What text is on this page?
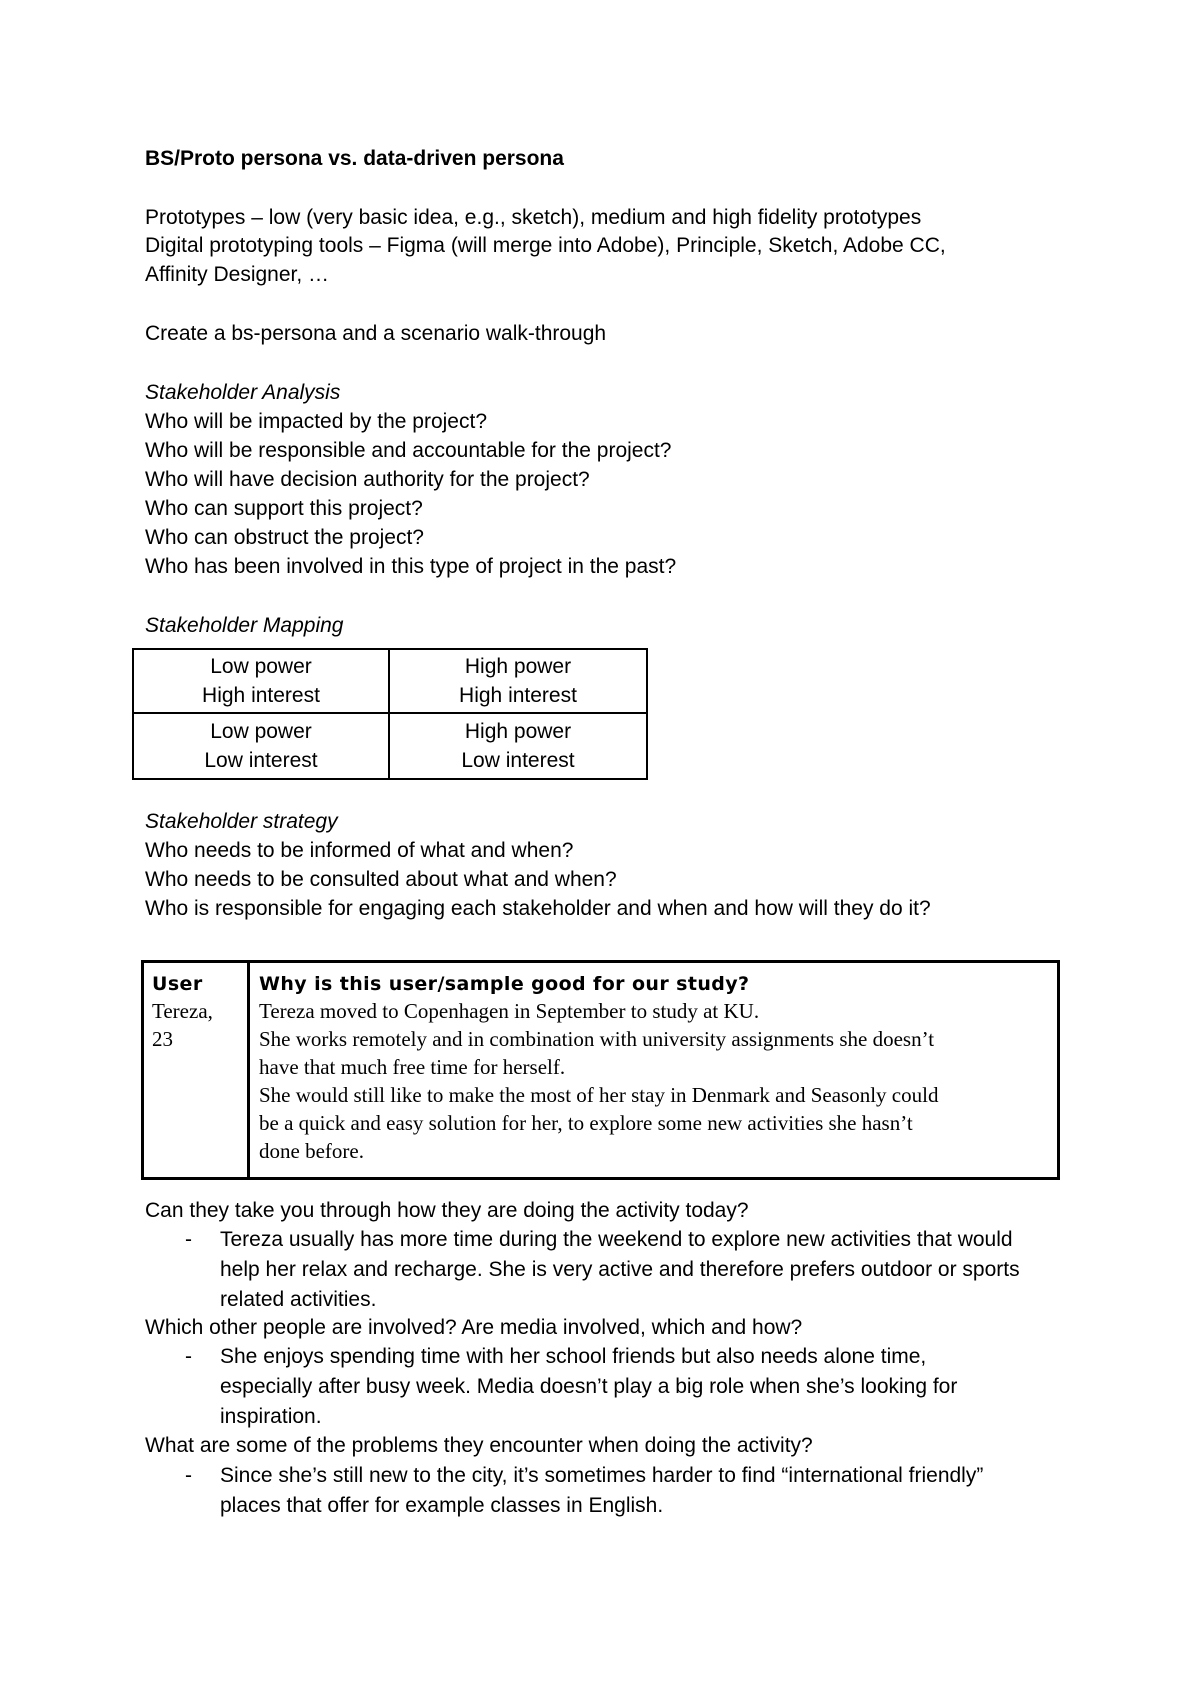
BS/Proto persona vs. data-driven persona
Prototypes – low (very basic idea, e.g., sketch), medium and high fidelity prototypes
Digital prototyping tools – Figma (will merge into Adobe), Principle, Sketch, Adobe CC,
Affinity Designer, …
Create a bs-persona and a scenario walk-through
Stakeholder Analysis
Who will be impacted by the project?
Who will be responsible and accountable for the project?
Who will have decision authority for the project?
Who can support this project?
Who can obstruct the project?
Who has been involved in this type of project in the past?
Stakeholder Mapping
Stakeholder strategy
Who needs to be informed of what and when?
Who needs to be consulted about what and when?
Who is responsible for engaging each stakeholder and when and how will they do it?
Can they take you through how they are doing the activity today?
- Tereza usually has more time during the weekend to explore new activities that would
help her relax and recharge. She is very active and therefore prefers outdoor or sports
related activities.
Which other people are involved? Are media involved, which and how?
- She enjoys spending time with her school friends but also needs alone time,
especially after busy week. Media doesn’t play a big role when she’s looking for
inspiration.
What are some of the problems they encounter when doing the activity?
- Since she’s still new to the city, it’s sometimes harder to find “international friendly”
places that offer for example classes in English.
Low power
High interest
High power
High interest
Low power
Low interest
High power
Low interest
User
Tereza,
23
Why is this user/sample good for our study?
Tereza moved to Copenhagen in September to study at KU.
She works remotely and in combination with university assignments she doesn’t
have that much free time for herself.
She would still like to make the most of her stay in Denmark and Seasonly could
be a quick and easy solution for her, to explore some new activities she hasn’t
done before.
